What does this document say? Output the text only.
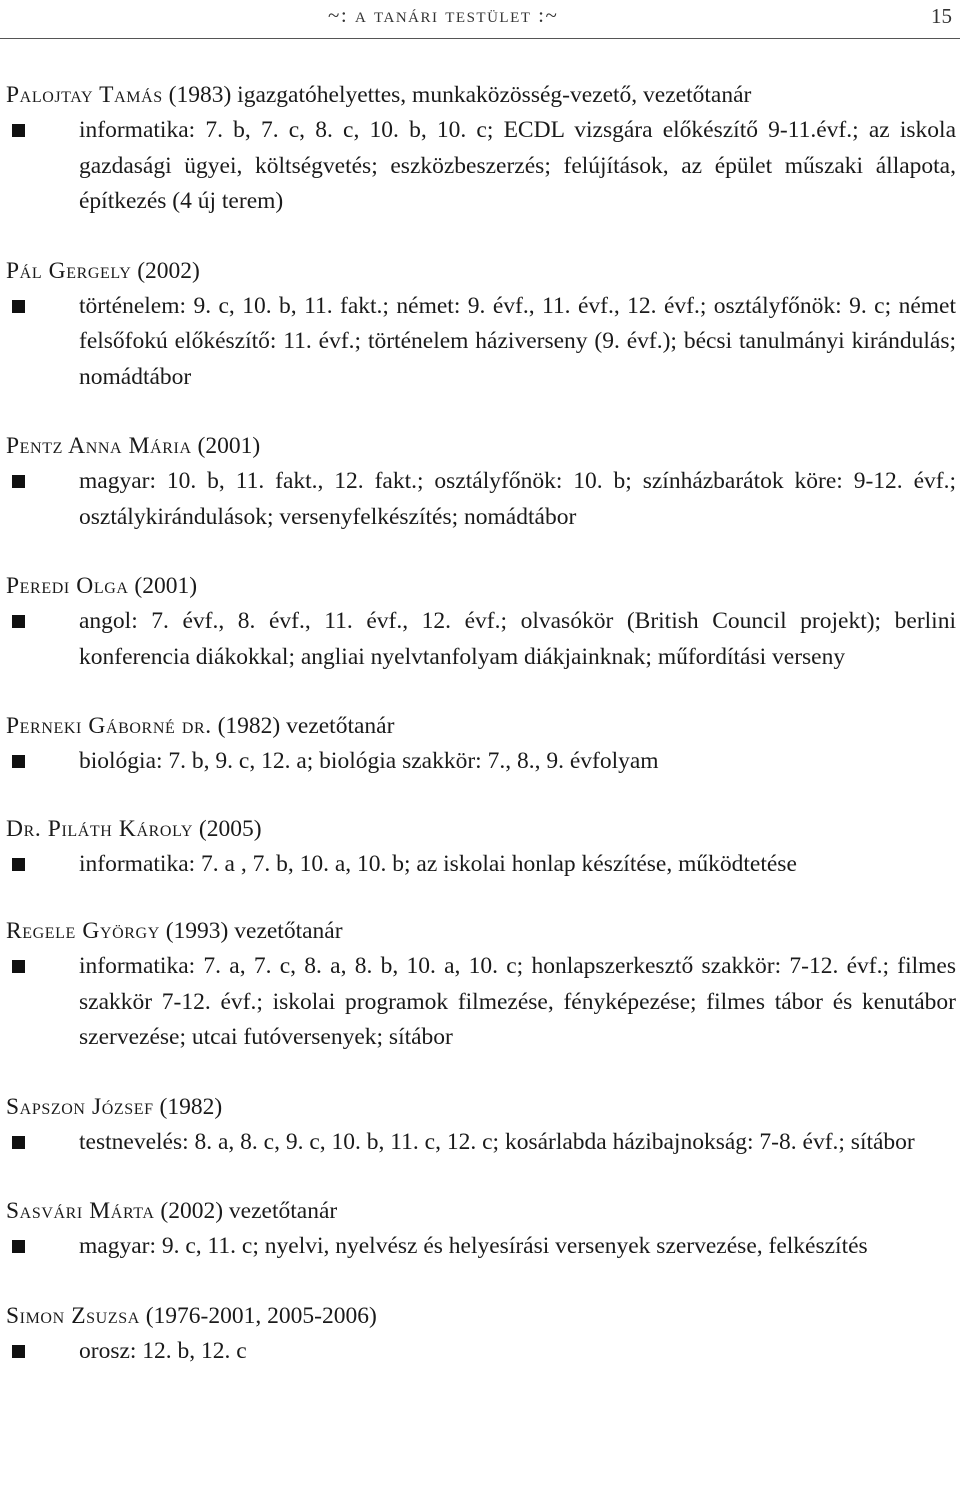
~: a tanári testület :~	15
Palojtay Tamás (1983) igazgatóhelyettes, munkaközösség-vezető, vezetőtanár
informatika: 7. b, 7. c, 8. c, 10. b, 10. c; ECDL vizsgára előkészítő 9-11.évf.; az iskola gazdasági ügyei, költségvetés; eszközbeszerzés; felújítások, az épület műszaki állapota, építkezés (4 új terem)
Pál Gergely (2002)
történelem: 9. c, 10. b, 11. fakt.; német: 9. évf., 11. évf., 12. évf.; osztályfőnök: 9. c; német felsőfokú előkészítő: 11. évf.; történelem háziverseny (9. évf.); bécsi tanulmányi kirándulás; nomádtábor
Pentz Anna Mária (2001)
magyar: 10. b, 11. fakt., 12. fakt.; osztályfőnök: 10. b; színházbarátok köre: 9-12. évf.; osztálykirándulások; versenyfelkészítés; nomádtábor
Peredi Olga (2001)
angol: 7. évf., 8. évf., 11. évf., 12. évf.; olvasókör (British Council projekt); berlini konferencia diákokkal; angliai nyelvtanfolyam diákjainknak; műfordítási verseny
Perneki Gáborné dr. (1982) vezetőtanár
biológia: 7. b, 9. c, 12. a; biológia szakkör: 7., 8., 9. évfolyam
Dr. Piláth Károly (2005)
informatika: 7. a , 7. b, 10. a, 10. b; az iskolai honlap készítése, működtetése
Regele György (1993) vezetőtanár
informatika: 7. a, 7. c, 8. a, 8. b, 10. a, 10. c; honlapszerkesztő szakkör: 7-12. évf.; filmes szakkör 7-12. évf.; iskolai programok filmezése, fényképezése; filmes tábor és kenutábor szervezése; utcai futóversenyek; sítábor
Sapszon József (1982)
testnevelés: 8. a, 8. c, 9. c, 10. b, 11. c, 12. c; kosárlabda házibajnokság: 7-8. évf.; sítábor
Sasvári Márta (2002) vezetőtanár
magyar: 9. c, 11. c; nyelvi, nyelvész és helyesírási versenyek szervezése, felkészítés
Simon Zsuzsa (1976-2001, 2005-2006)
orosz: 12. b, 12. c
